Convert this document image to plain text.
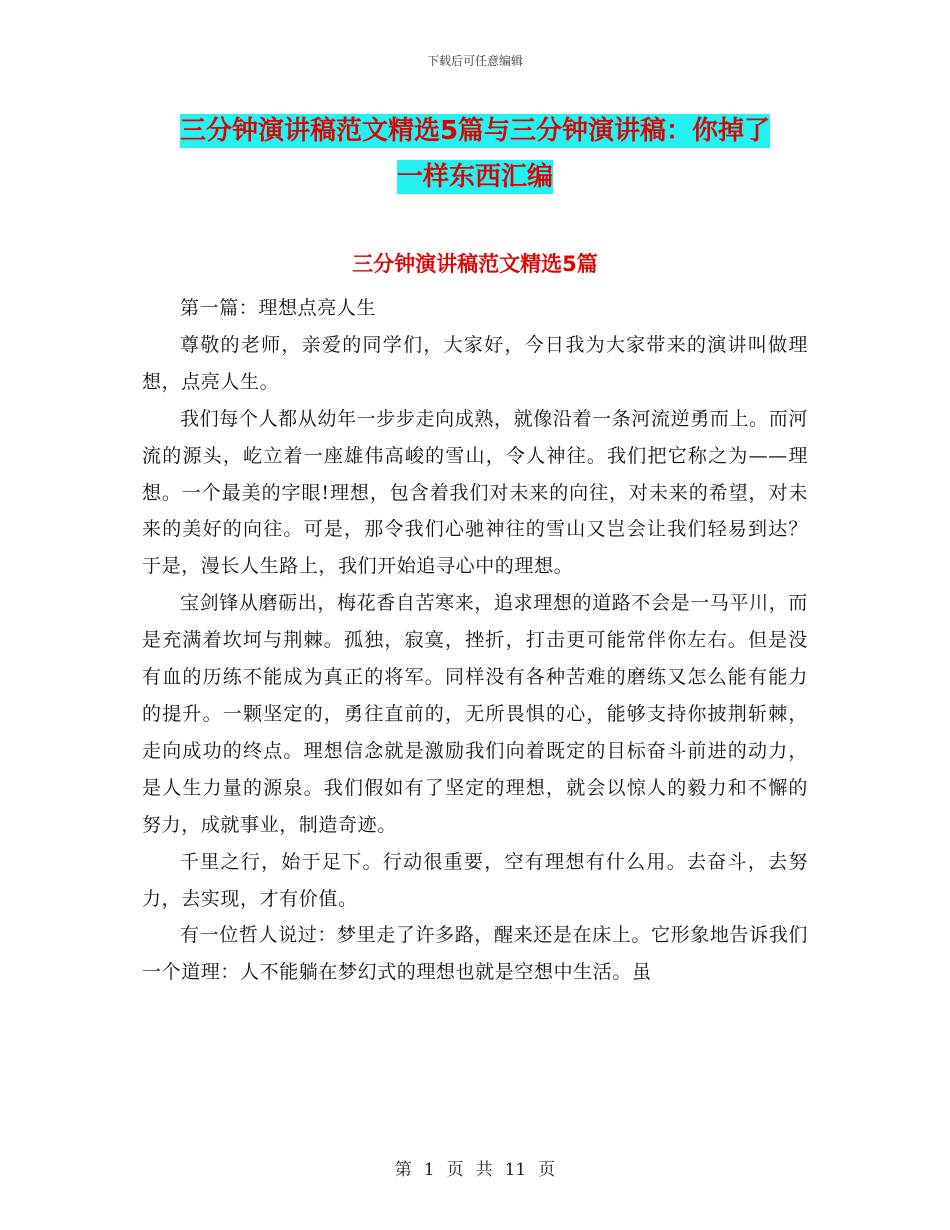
下载后可任意编辑
三分钟演讲稿范文精选5篇与三分钟演讲稿：你掉了
一样东西汇编
三分钟演讲稿范文精选5篇

第一篇：理想点亮人生

尊敬的老师，亲爱的同学们，大家好，今日我为大家带来的演讲叫做理想，点亮人生。

我们每个人都从幼年一步步走向成熟，就像沿着一条河流逆勇而上。而河流的源头，屹立着一座雄伟高峻的雪山，令人神往。我们把它称之为——理想。一个最美的字眼!理想，包含着我们对未来的向往，对未来的希望，对未来的美好的向往。可是，那令我们心驰神往的雪山又岂会让我们轻易到达？于是，漫长人生路上，我们开始追寻心中的理想。

宝剑锋从磨砺出，梅花香自苦寒来，追求理想的道路不会是一马平川，而是充满着坎坷与荆棘。孤独，寂寞，挫折，打击更可能常伴你左右。但是没有血的历练不能成为真正的将军。同样没有各种苦难的磨练又怎么能有能力的提升。一颗坚定的，勇往直前的，无所畏惧的心，能够支持你披荆斩棘，走向成功的终点。理想信念就是激励我们向着既定的目标奋斗前进的动力，是人生力量的源泉。我们假如有了坚定的理想，就会以惊人的毅力和不懈的努力，成就事业，制造奇迹。

千里之行，始于足下。行动很重要，空有理想有什么用。去奋斗，去努力，去实现，才有价值。

有一位哲人说过：梦里走了许多路，醒来还是在床上。它形象地告诉我们一个道理：人不能躺在梦幻式的理想也就是空想中生活。虽

第 1 页 共 11 页
